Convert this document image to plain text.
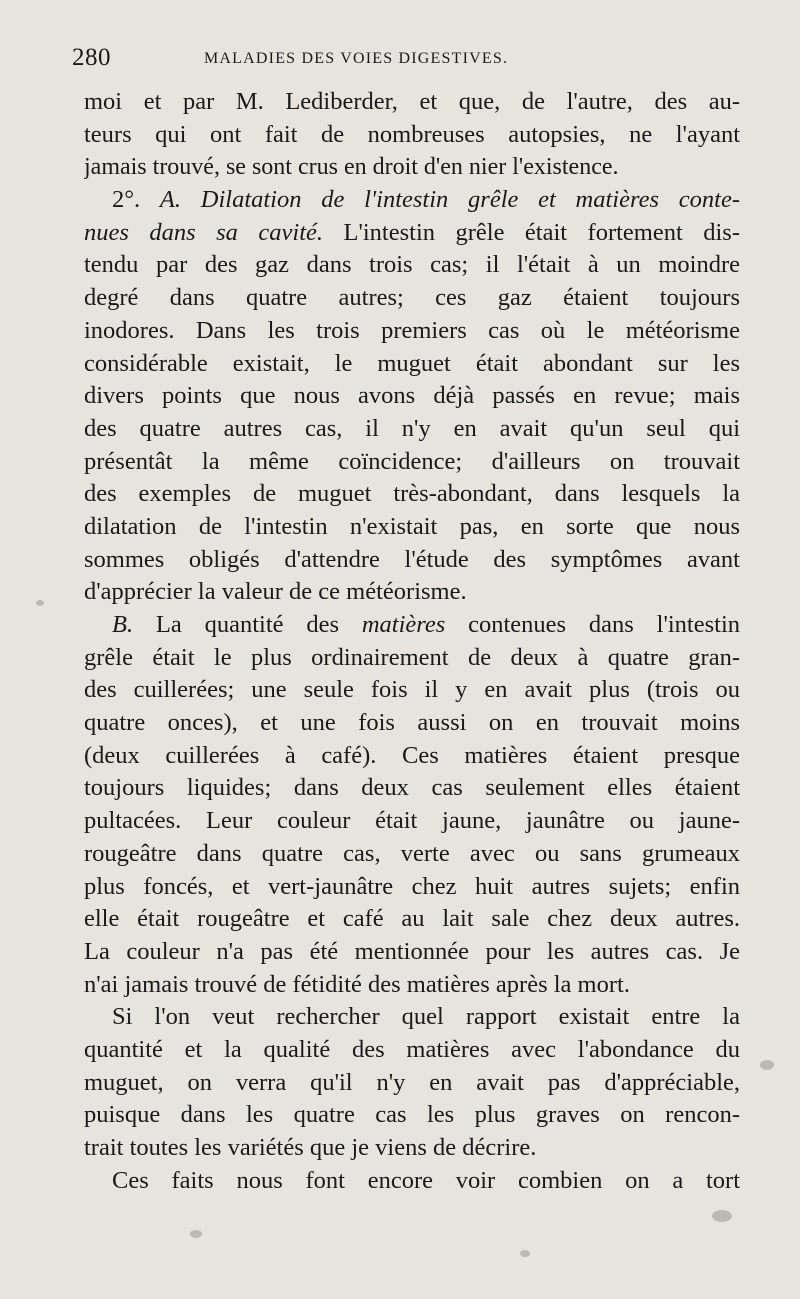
280	MALADIES DES VOIES DIGESTIVES.
moi et par M. Lediberder, et que, de l'autre, des au-
teurs qui ont fait de nombreuses autopsies, ne l'ayant
jamais trouvé, se sont crus en droit d'en nier l'existence.
2°. A. Dilatation de l'intestin grêle et matières conte-
nues dans sa cavité. L'intestin grêle était fortement dis-
tendu par des gaz dans trois cas; il l'était à un moindre
degré dans quatre autres; ces gaz étaient toujours
inodores. Dans les trois premiers cas où le météorisme
considérable existait, le muguet était abondant sur les
divers points que nous avons déjà passés en revue; mais
des quatre autres cas, il n'y en avait qu'un seul qui
présentât la même coïncidence; d'ailleurs on trouvait
des exemples de muguet très-abondant, dans lesquels la
dilatation de l'intestin n'existait pas, en sorte que nous
sommes obligés d'attendre l'étude des symptômes avant
d'apprécier la valeur de ce météorisme.
B. La quantité des matières contenues dans l'intestin
grêle était le plus ordinairement de deux à quatre gran-
des cuillerées; une seule fois il y en avait plus (trois ou
quatre onces), et une fois aussi on en trouvait moins
(deux cuillerées à café). Ces matières étaient presque
toujours liquides; dans deux cas seulement elles étaient
pultacées. Leur couleur était jaune, jaunâtre ou jaune-
rougeâtre dans quatre cas, verte avec ou sans grumeaux
plus foncés, et vert-jaunâtre chez huit autres sujets; enfin
elle était rougeâtre et café au lait sale chez deux autres.
La couleur n'a pas été mentionnée pour les autres cas. Je
n'ai jamais trouvé de fétidité des matières après la mort.
Si l'on veut rechercher quel rapport existait entre la
quantité et la qualité des matières avec l'abondance du
muguet, on verra qu'il n'y en avait pas d'appréciable,
puisque dans les quatre cas les plus graves on rencon-
trait toutes les variétés que je viens de décrire.
Ces faits nous font encore voir combien on a tort
